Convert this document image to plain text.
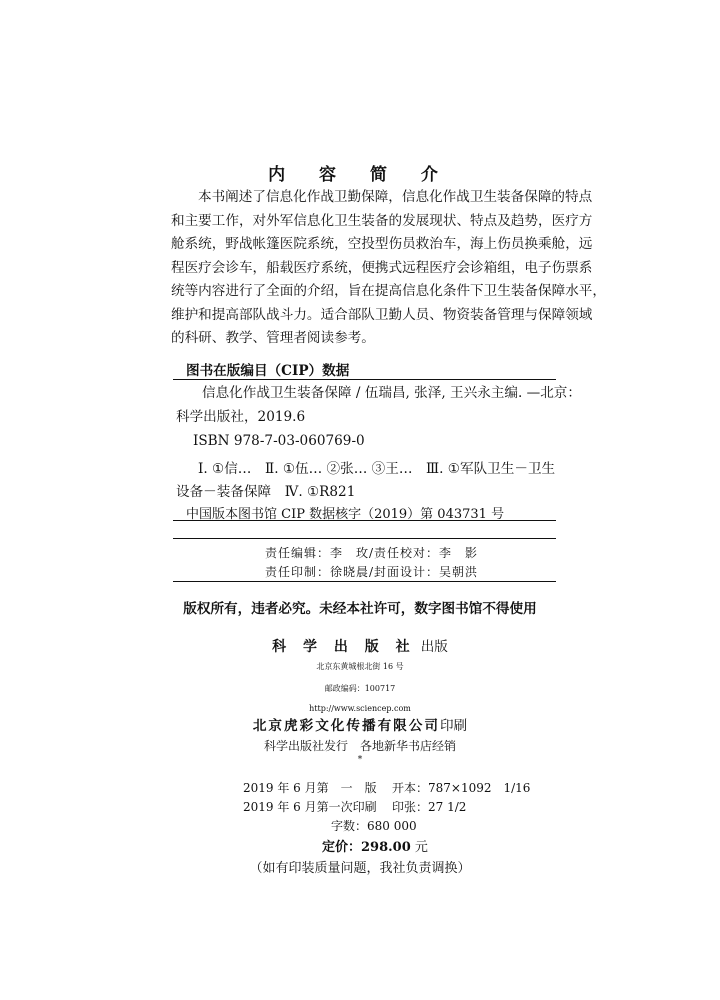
内 容 简 介
本书阐述了信息化作战卫勤保障，信息化作战卫生装备保障的特点
和主要工作，对外军信息化卫生装备的发展现状、特点及趋势，医疗方
舱系统，野战帐篷医院系统，空投型伤员救治车，海上伤员换乘舱，远
程医疗会诊车，船载医疗系统，便携式远程医疗会诊箱组，电子伤票系
统等内容进行了全面的介绍，旨在提高信息化条件下卫生装备保障水平，
维护和提高部队战斗力。适合部队卫勤人员、物资装备管理与保障领域
的科研、教学、管理者阅读参考。
图书在版编目（CIP）数据
信息化作战卫生装备保障 / 伍瑞昌, 张泽, 王兴永主编. —北京：
科学出版社，2019.6
ISBN 978-7-03-060769-0
Ⅰ. ①信…　Ⅱ. ①伍… ②张… ③王…　Ⅲ. ①军队卫生－卫生
设备－装备保障　Ⅳ. ①R821
中国版本图书馆 CIP 数据核字（2019）第 043731 号
责任编辑：李　玫/责任校对：李　影
责任印制：徐晓晨/封面设计：吴朝洪
版权所有，违者必究。未经本社许可，数字图书馆不得使用
科 学 出 版 社 出版
北京东黄城根北街 16 号
邮政编码：100717
http://www.sciencep.com
北京虎彩文化传播有限公司印刷
科学出版社发行　各地新华书店经销
*
2019 年 6 月第　一　版 开本：787×1092　1/16
2019 年 6 月第一次印刷 印张：27 1/2
字数：680 000
定价：298.00 元
（如有印装质量问题，我社负责调换）
